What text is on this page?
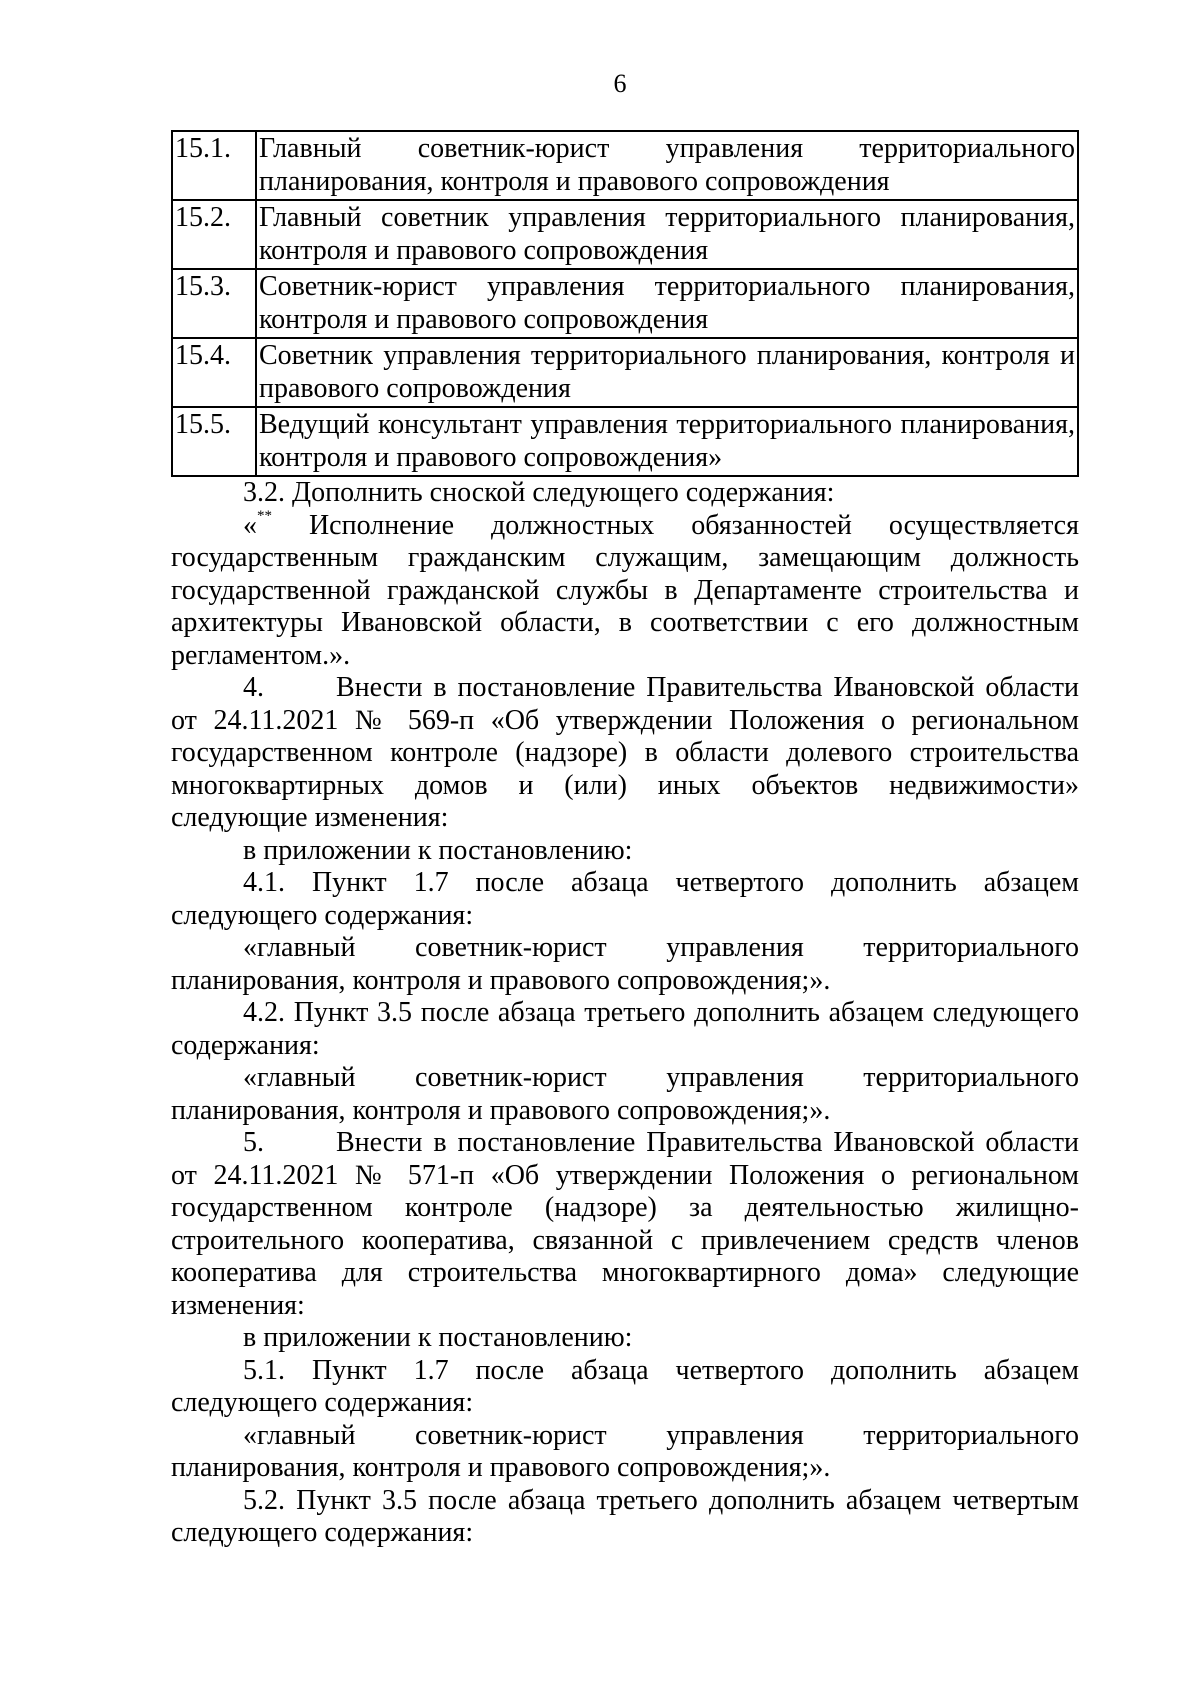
6
15.1.	Главный советник-юрист управления территориального планирования, контроля и правового сопровождения
15.2.	Главный советник управления территориального планирования, контроля и правового сопровождения
15.3.	Советник-юрист управления территориального планирования, контроля и правового сопровождения
15.4.	Советник управления территориального планирования, контроля и правового сопровождения
15.5.	Ведущий консультант управления территориального планирования, контроля и правового сопровождения»

3.2. Дополнить сноской следующего содержания:

«** Исполнение должностных обязанностей осуществляется государственным гражданским служащим, замещающим должность государственной гражданской службы в Департаменте строительства и архитектуры Ивановской области, в соответствии с его должностным регламентом.».

4.	Внести в постановление Правительства Ивановской области от 24.11.2021 № 569-п «Об утверждении Положения о региональном государственном контроле (надзоре) в области долевого строительства многоквартирных домов и (или) иных объектов недвижимости» следующие изменения:

в приложении к постановлению:

4.1. Пункт 1.7 после абзаца четвертого дополнить абзацем следующего содержания:

«главный советник-юрист управления территориального планирования, контроля и правового сопровождения;».

4.2. Пункт 3.5 после абзаца третьего дополнить абзацем следующего содержания:

«главный советник-юрист управления территориального планирования, контроля и правового сопровождения;».

5.	Внести в постановление Правительства Ивановской области от 24.11.2021 № 571-п «Об утверждении Положения о региональном государственном контроле (надзоре) за деятельностью жилищно-строительного кооператива, связанной с привлечением средств членов кооператива для строительства многоквартирного дома» следующие изменения:

в приложении к постановлению:

5.1. Пункт 1.7 после абзаца четвертого дополнить абзацем следующего содержания:

«главный советник-юрист управления территориального планирования, контроля и правового сопровождения;».

5.2. Пункт 3.5 после абзаца третьего дополнить абзацем четвертым следующего содержания:
